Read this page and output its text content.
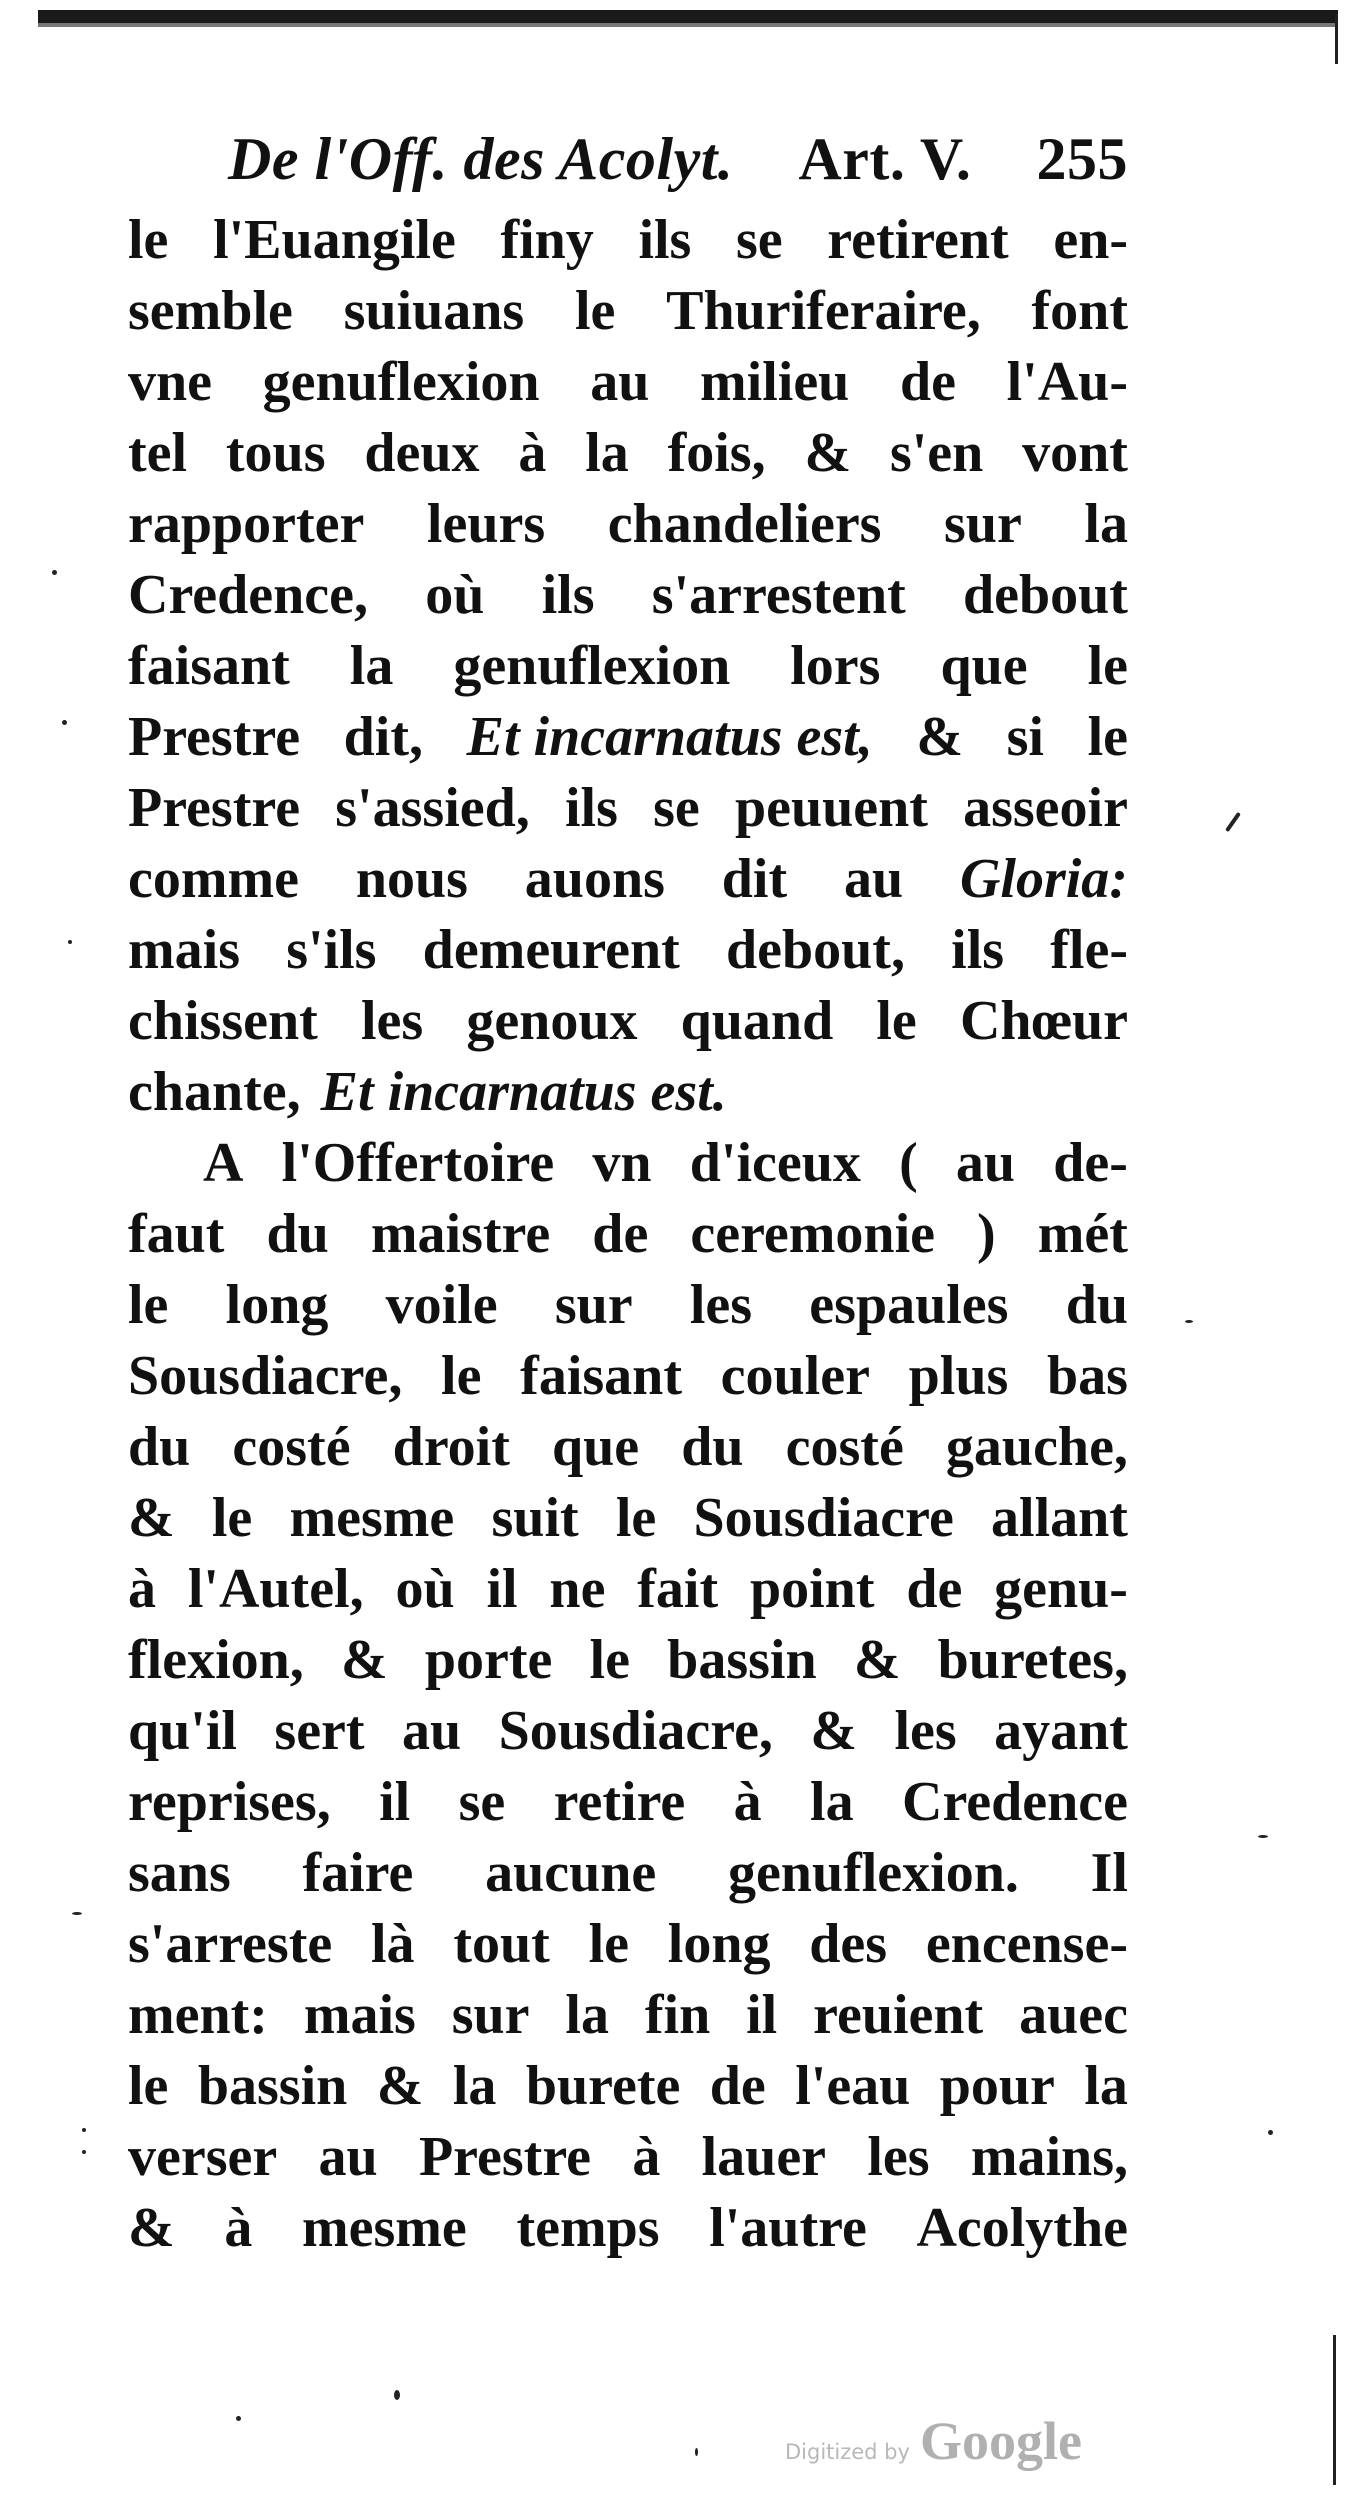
De l'Off. des Acolyt. Art. V. 255
le l'Euangile finy ils se retirent en-
semble suiuans le Thuriferaire, font
vne genuflexion au milieu de l'Au-
tel tous deux à la fois, & s'en vont
rapporter leurs chandeliers sur la
Credence, où ils s'arrestent debout
faisant la genuflexion lors que le
Prestre dit, Et incarnatus est, & si le
Prestre s'assied, ils se peuuent asseoir
comme nous auons dit au Gloria:
mais s'ils demeurent debout, ils fle-
chissent les genoux quand le Chœur
chante, Et incarnatus est.
A l'Offertoire vn d'iceux ( au de-
faut du maistre de ceremonie ) mét
le long voile sur les espaules du
Sousdiacre, le faisant couler plus bas
du costé droit que du costé gauche,
& le mesme suit le Sousdiacre allant
à l'Autel, où il ne fait point de genu-
flexion, & porte le bassin & buretes,
qu'il sert au Sousdiacre, & les ayant
reprises, il se retire à la Credence
sans faire aucune genuflexion. Il
s'arreste là tout le long des encense-
ment: mais sur la fin il reuient auec
le bassin & la burete de l'eau pour la
verser au Prestre à lauer les mains,
& à mesme temps l'autre Acolythe
Digitized by Google
